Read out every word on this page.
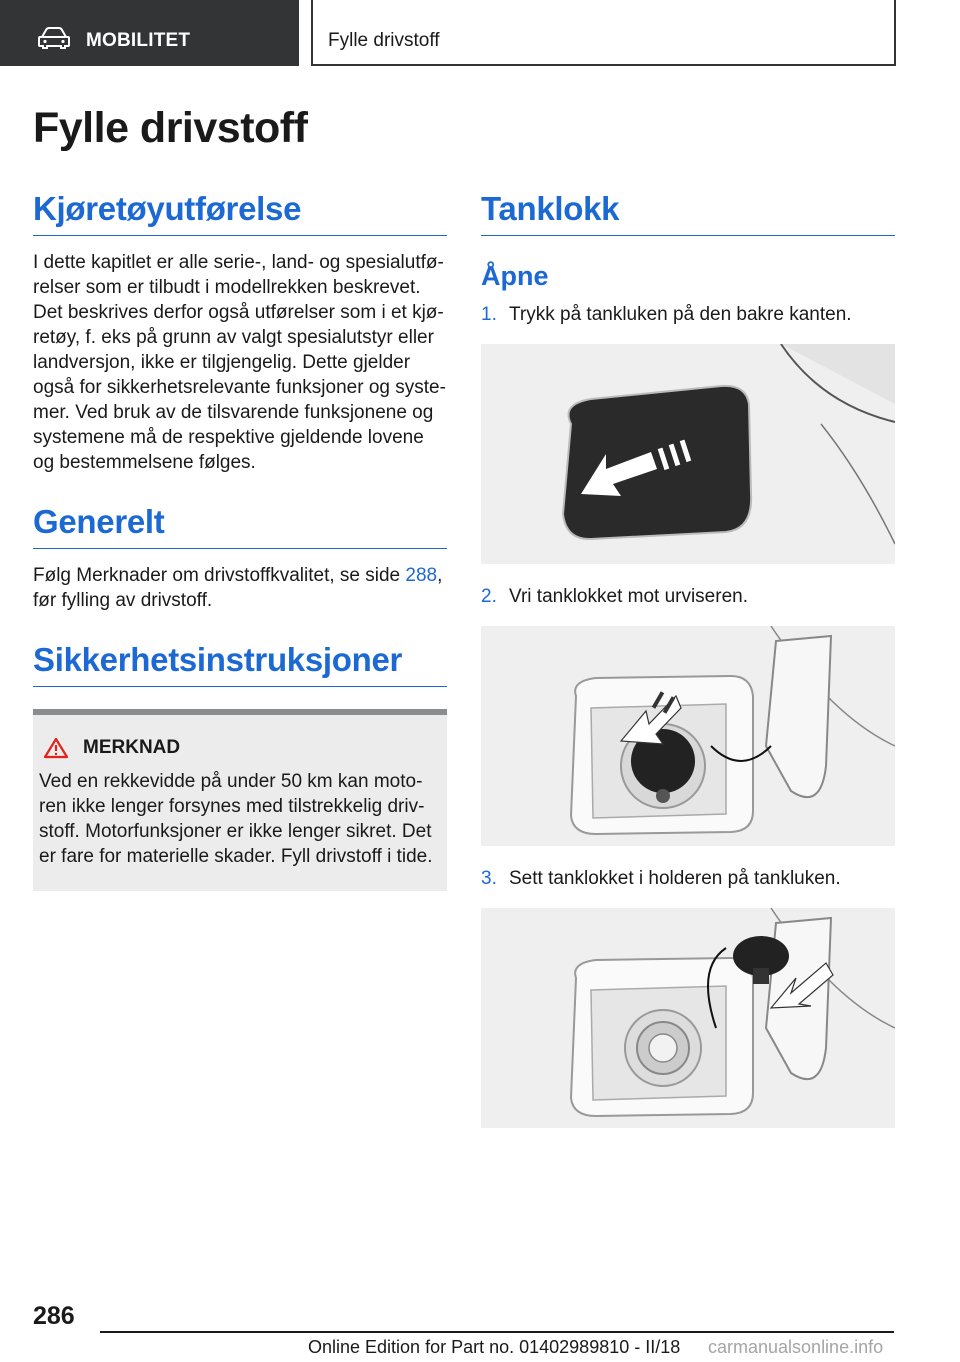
MOBILITET	Fylle drivstoff
Fylle drivstoff
Kjøretøyutførelse

I dette kapitlet er alle serie-, land- og spesialutførelser som er tilbudt i modellrekken beskrevet. Det beskrives derfor også utførelser som i et kjøretøy, f. eks på grunn av valgt spesialutstyr eller landversjon, ikke er tilgjengelig. Dette gjelder også for sikkerhetsrelevante funksjoner og systemer. Ved bruk av de tilsvarende funksjonene og systemene må de respektive gjeldende lovene og bestemmelsene følges.

Generelt

Følg Merknader om drivstoffkvalitet, se side 288, før fylling av drivstoff.

Sikkerhetsinstruksjoner
MERKNAD

Ved en rekkevidde på under 50 km kan motoren ikke lenger forsynes med tilstrekkelig drivstoff. Motorfunksjoner er ikke lenger sikret. Det er fare for materielle skader. Fyll drivstoff i tide.

Tanklokk
Åpne
1. Trykk på tankluken på den bakre kanten.
2. Vri tanklokket mot urviseren.
3. Sett tanklokket i holderen på tankluken.
286
Online Edition for Part no. 01402989810 - II/18 carmanualsonline.info
